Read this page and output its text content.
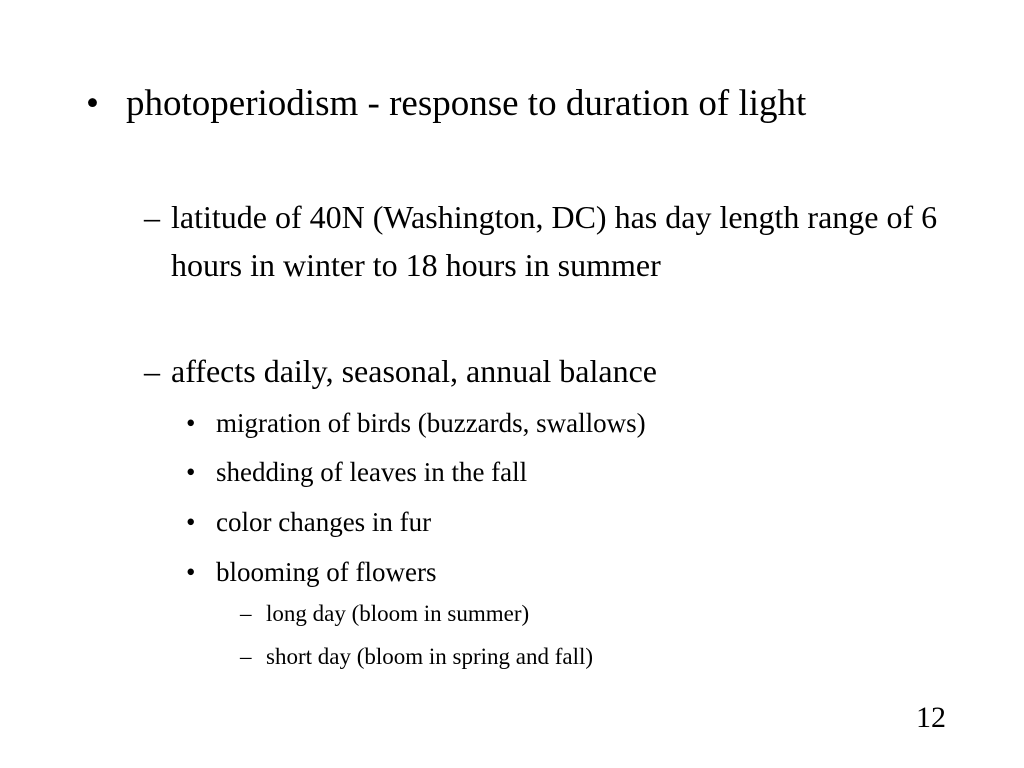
• photoperiodism - response to duration of light
– latitude of 40N (Washington, DC) has day length range of 6 hours in winter to 18 hours in summer
– affects daily, seasonal, annual balance
• migration of birds (buzzards, swallows)
• shedding of leaves in the fall
• color changes in fur
• blooming of flowers
– long day (bloom in summer)
– short day (bloom in spring and fall)
12
